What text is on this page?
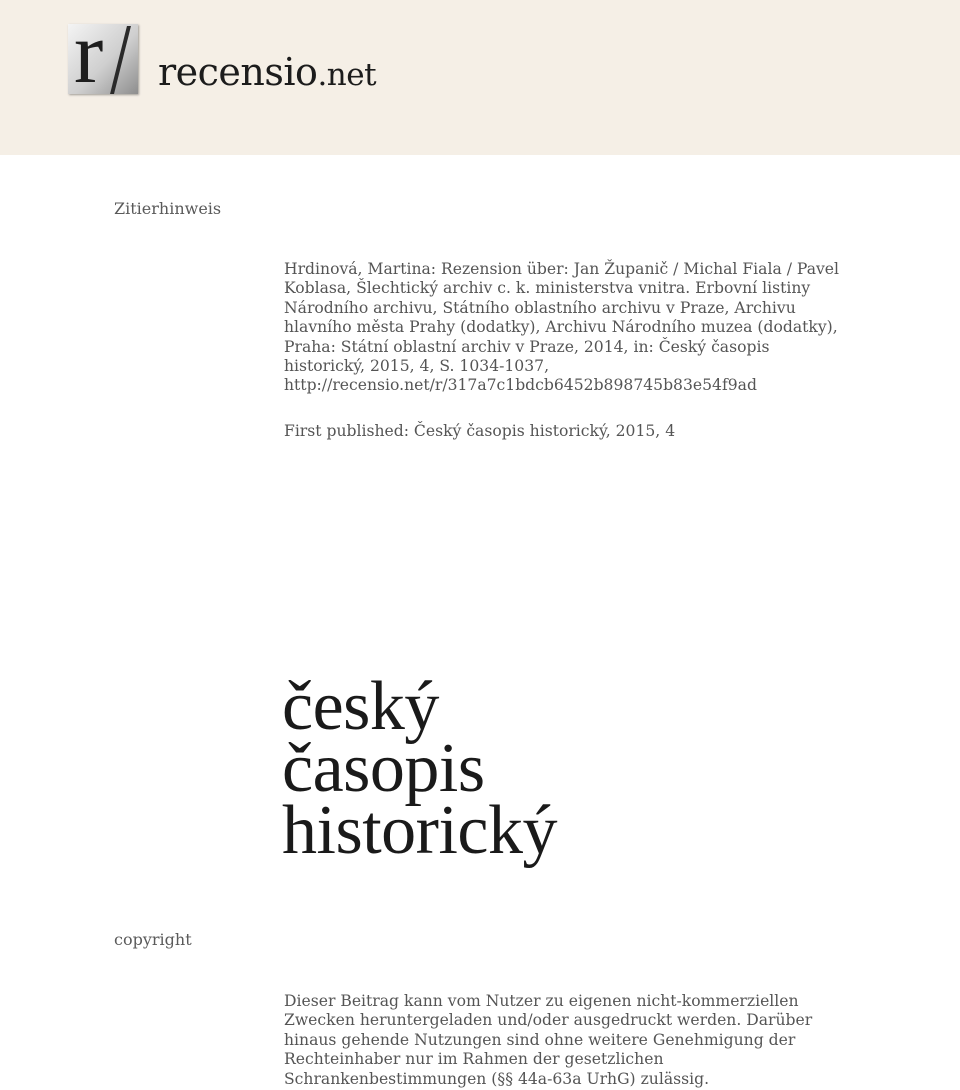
r recensio.net
Zitierhinweis

Hrdinová, Martina: Rezension über: Jan Županič / Michal Fiala / Pavel Koblasa, Šlechtický archiv c. k. ministerstva vnitra. Erbovní listiny Národního archivu, Státního oblastního archivu v Praze, Archivu hlavního města Prahy (dodatky), Archivu Národního muzea (dodatky), Praha: Státní oblastní archiv v Praze, 2014, in: Český časopis historický, 2015, 4, S. 1034-1037, http://recensio.net/r/317a7c1bdcb6452b898745b83e54f9ad

First published: Český časopis historický, 2015, 4

český
časopis
historický
copyright

Dieser Beitrag kann vom Nutzer zu eigenen nicht-kommerziellen Zwecken heruntergeladen und/oder ausgedruckt werden. Darüber hinaus gehende Nutzungen sind ohne weitere Genehmigung der Rechteinhaber nur im Rahmen der gesetzlichen Schrankenbestimmungen (§§ 44a-63a UrhG) zulässig.
